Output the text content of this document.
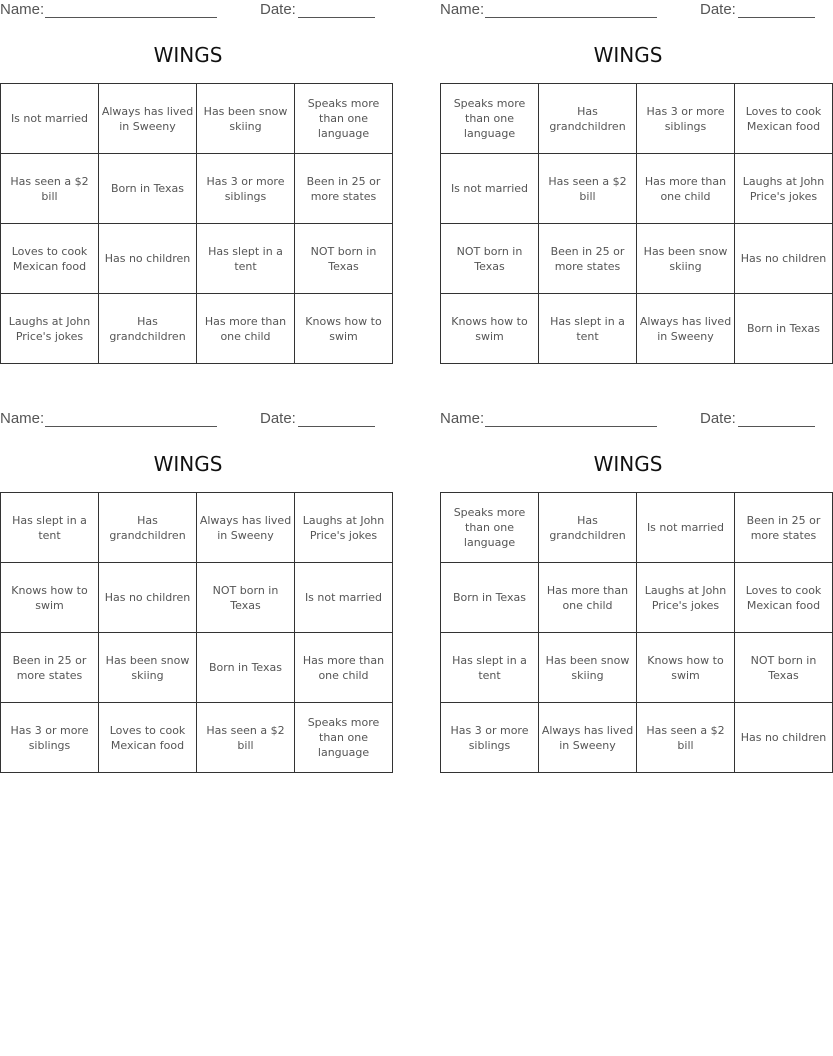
Name:	Date:
WINGS
Is not married	Always has lived in Sweeny	Has been snow skiing	Speaks more than one language
Has seen a $2 bill	Born in Texas	Has 3 or more siblings	Been in 25 or more states
Loves to cook Mexican food	Has no children	Has slept in a tent	NOT born in Texas
Laughs at John Price's jokes	Has grandchildren	Has more than one child	Knows how to swim
Name:	Date:
WINGS
Speaks more than one language	Has grandchildren	Has 3 or more siblings	Loves to cook Mexican food
Is not married	Has seen a $2 bill	Has more than one child	Laughs at John Price's jokes
NOT born in Texas	Been in 25 or more states	Has been snow skiing	Has no children
Knows how to swim	Has slept in a tent	Always has lived in Sweeny	Born in Texas
Name:	Date:
WINGS
Has slept in a tent	Has grandchildren	Always has lived in Sweeny	Laughs at John Price's jokes
Knows how to swim	Has no children	NOT born in Texas	Is not married
Been in 25 or more states	Has been snow skiing	Born in Texas	Has more than one child
Has 3 or more siblings	Loves to cook Mexican food	Has seen a $2 bill	Speaks more than one language
Name:	Date:
WINGS
Speaks more than one language	Has grandchildren	Is not married	Been in 25 or more states
Born in Texas	Has more than one child	Laughs at John Price's jokes	Loves to cook Mexican food
Has slept in a tent	Has been snow skiing	Knows how to swim	NOT born in Texas
Has 3 or more siblings	Always has lived in Sweeny	Has seen a $2 bill	Has no children
